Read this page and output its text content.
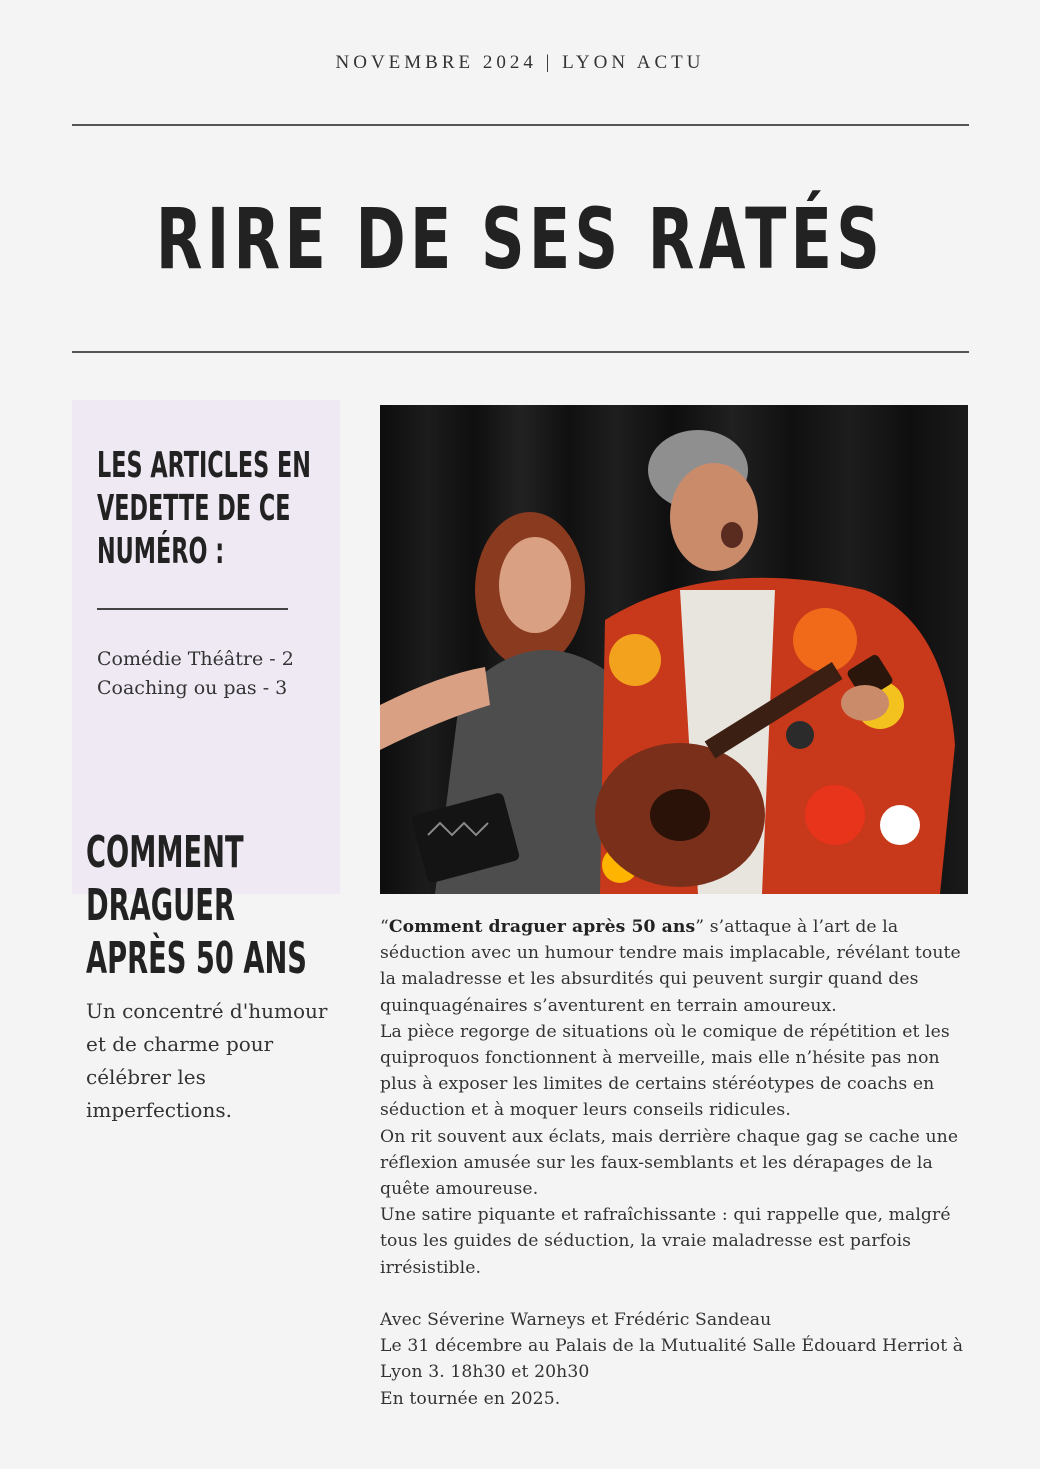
NOVEMBRE 2024 | LYON ACTU
RIRE DE SES RATÉS
LES ARTICLES EN VEDETTE DE CE NUMÉRO :
Comédie Théâtre - 2
Coaching ou pas - 3
COMMENT DRAGUER APRÈS 50 ANS
Un concentré d'humour et de charme pour célébrer les imperfections.

“Comment draguer après 50 ans” s’attaque à l’art de la séduction avec un humour tendre mais implacable, révélant toute la maladresse et les absurdités qui peuvent surgir quand des quinquagénaires s’aventurent en terrain amoureux.

La pièce regorge de situations où le comique de répétition et les quiproquos fonctionnent à merveille, mais elle n’hésite pas non plus à exposer les limites de certains stéréotypes de coachs en séduction et à moquer leurs conseils ridicules.

On rit souvent aux éclats, mais derrière chaque gag se cache une réflexion amusée sur les faux-semblants et les dérapages de la quête amoureuse.

Une satire piquante et rafraîchissante : qui rappelle que, malgré tous les guides de séduction, la vraie maladresse est parfois irrésistible.

Avec Séverine Warneys et Frédéric Sandeau

Le 31 décembre au Palais de la Mutualité Salle Édouard Herriot à Lyon 3. 18h30 et 20h30

En tournée en 2025.
